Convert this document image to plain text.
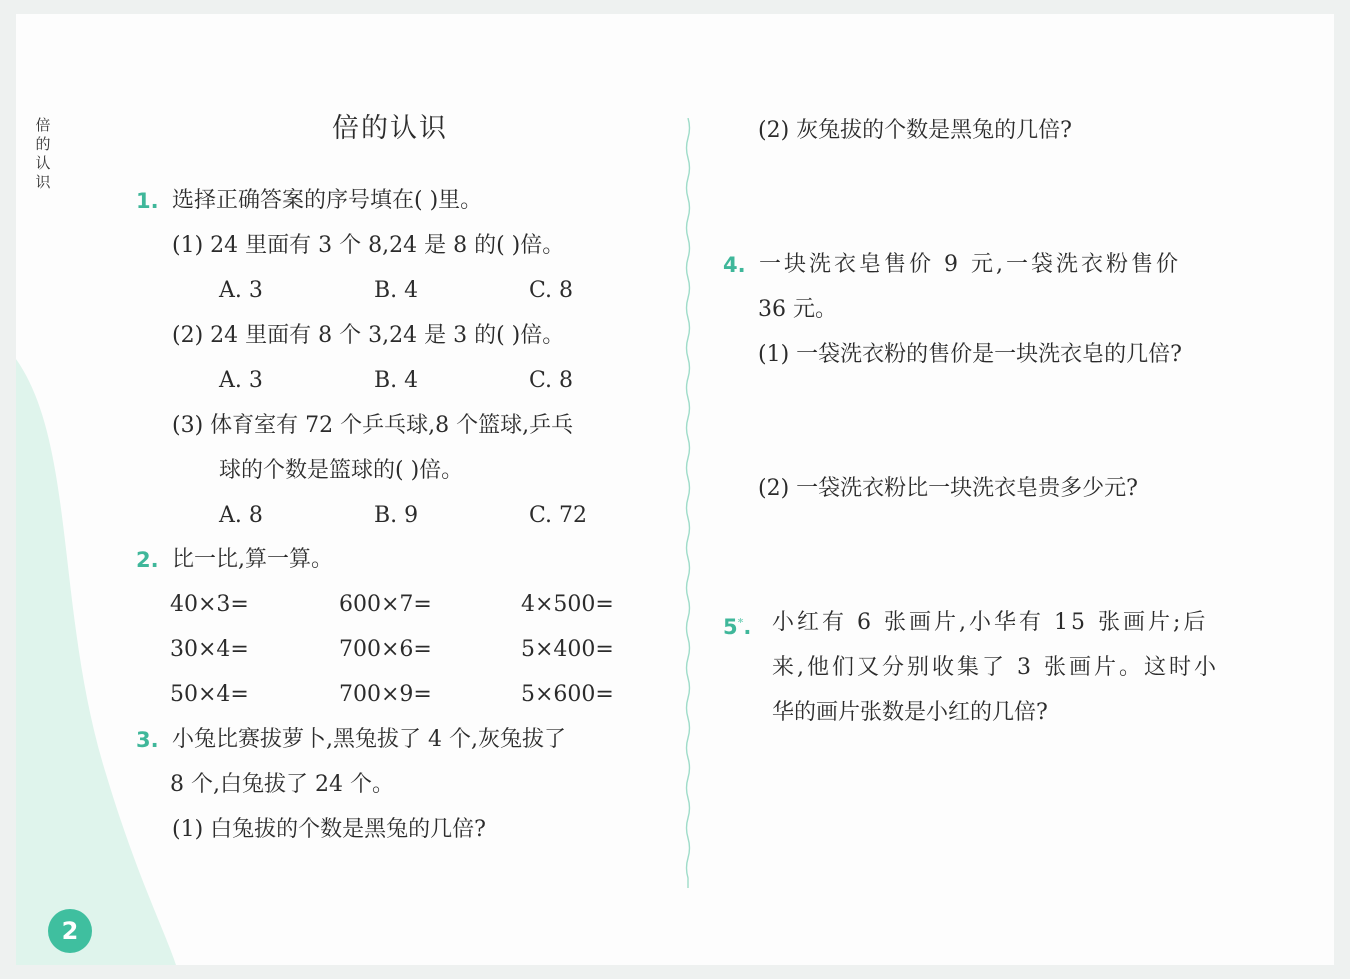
倍的认识
2
倍的认识
1. 选择正确答案的序号填在( )里。
(1) 24 里面有 3 个 8,24 是 8 的( )倍。
A. 3	B. 4	C. 8
(2) 24 里面有 8 个 3,24 是 3 的( )倍。
A. 3	B. 4	C. 8
(3) 体育室有 72 个乒乓球,8 个篮球,乒乓
球的个数是篮球的( )倍。
A. 8	B. 9	C. 72
2. 比一比,算一算。
40×3=	600×7=	4×500=
30×4=	700×6=	5×400=
50×4=	700×9=	5×600=
3. 小兔比赛拔萝卜,黑兔拔了 4 个,灰兔拔了
8 个,白兔拔了 24 个。
(1) 白兔拔的个数是黑兔的几倍?
(2) 灰兔拔的个数是黑兔的几倍?
4. 一块洗衣皂售价 9 元,一袋洗衣粉售价
36 元。
(1) 一袋洗衣粉的售价是一块洗衣皂的几倍?
(2) 一袋洗衣粉比一块洗衣皂贵多少元?
5*. 小红有 6 张画片,小华有 15 张画片;后
来,他们又分别收集了 3 张画片。这时小
华的画片张数是小红的几倍?
